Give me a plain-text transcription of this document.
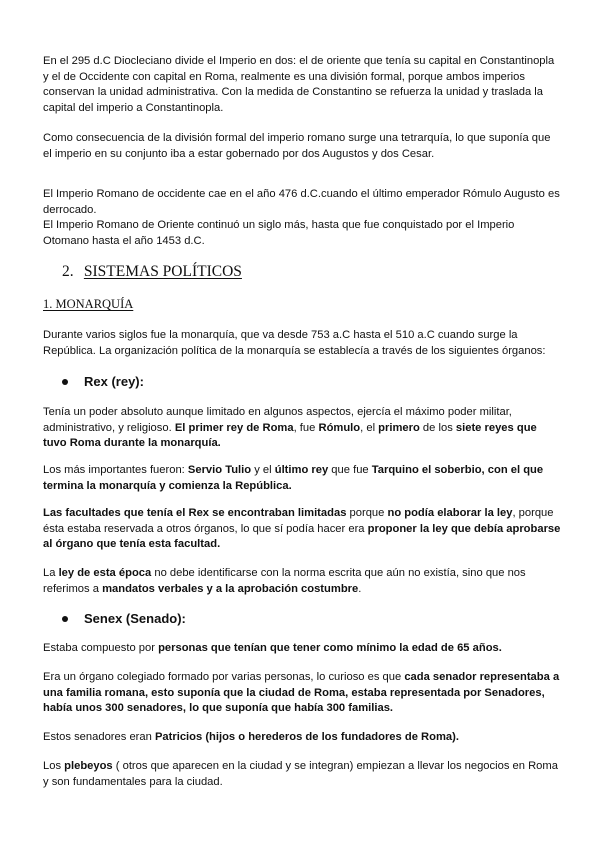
En el 295 d.C Diocleciano divide el Imperio en dos: el de oriente que tenía su capital en Constantinopla y el de Occidente con capital en Roma, realmente es una división formal, porque ambos imperios conservan la unidad administrativa. Con la medida de Constantino se refuerza la unidad y traslada la capital del imperio a Constantinopla.

Como consecuencia de la división formal del imperio romano surge una tetrarquía, lo que suponía que el imperio en su conjunto iba a estar gobernado por dos Augustos y dos Cesar.

El Imperio Romano de occidente cae en el año 476 d.C.cuando el último emperador Rómulo Augusto es derrocado.

El Imperio Romano de Oriente continuó un siglo más, hasta que fue conquistado por el Imperio Otomano hasta el año 1453 d.C.

2. SISTEMAS POLÍTICOS
1. MONARQUÍA

Durante varios siglos fue la monarquía, que va desde 753 a.C hasta el 510 a.C cuando surge la República. La organización política de la monarquía se establecía a través de los siguientes órganos:

Rex (rey):

Tenía un poder absoluto aunque limitado en algunos aspectos, ejercía el máximo poder militar, administrativo, y religioso. El primer rey de Roma, fue Rómulo, el primero de los siete reyes que tuvo Roma durante la monarquía.

Los más importantes fueron: Servio Tulio y el último rey que fue Tarquino el soberbio, con el que termina la monarquía y comienza la República.

Las facultades que tenía el Rex se encontraban limitadas porque no podía elaborar la ley, porque ésta estaba reservada a otros órganos, lo que sí podía hacer era proponer la ley que debía aprobarse al órgano que tenía esta facultad.

La ley de esta época no debe identificarse con la norma escrita que aún no existía, sino que nos referimos a mandatos verbales y a la aprobación costumbre.

Senex (Senado):

Estaba compuesto por personas que tenían que tener como mínimo la edad de 65 años.

Era un órgano colegiado formado por varias personas, lo curioso es que cada senador representaba a una familia romana, esto suponía que la ciudad de Roma, estaba representada por Senadores, había unos 300 senadores, lo que suponía que había 300 familias.

Estos senadores eran Patricios (hijos o herederos de los fundadores de Roma).

Los plebeyos ( otros que aparecen en la ciudad y se integran) empiezan a llevar los negocios en Roma y son fundamentales para la ciudad.
